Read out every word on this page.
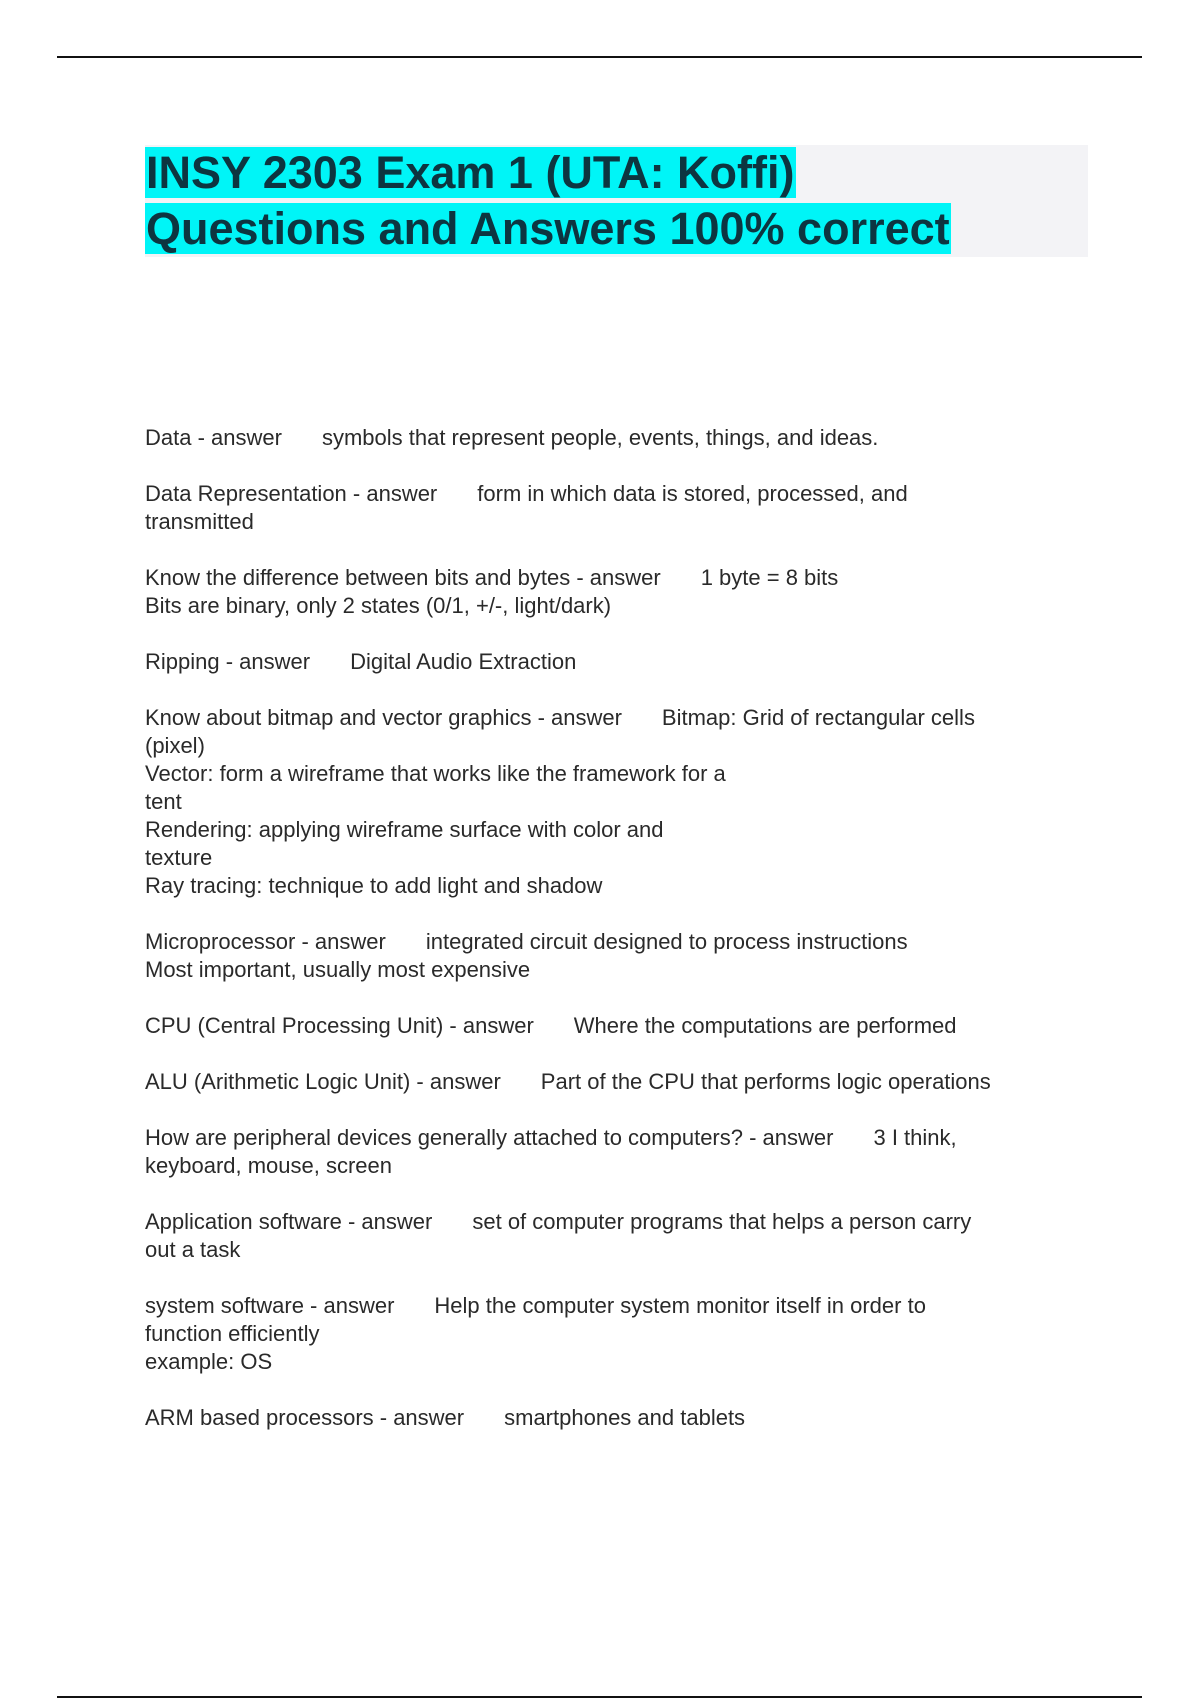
INSY 2303 Exam 1 (UTA: Koffi)
Questions and Answers 100% correct

Data - answer symbols that represent people, events, things, and ideas.

Data Representation - answer form in which data is stored, processed, and
transmitted

Know the difference between bits and bytes - answer 1 byte = 8 bits
Bits are binary, only 2 states (0/1, +/-, light/dark)

Ripping - answer Digital Audio Extraction

Know about bitmap and vector graphics - answer Bitmap: Grid of rectangular cells
(pixel)
Vector: form a wireframe that works like the framework for a
tent
Rendering: applying wireframe surface with color and
texture
Ray tracing: technique to add light and shadow

Microprocessor - answer integrated circuit designed to process instructions
Most important, usually most expensive

CPU (Central Processing Unit) - answer Where the computations are performed

ALU (Arithmetic Logic Unit) - answer Part of the CPU that performs logic operations

How are peripheral devices generally attached to computers? - answer 3 I think,
keyboard, mouse, screen

Application software - answer set of computer programs that helps a person carry
out a task

system software - answer Help the computer system monitor itself in order to
function efficiently
example: OS

ARM based processors - answer smartphones and tablets
